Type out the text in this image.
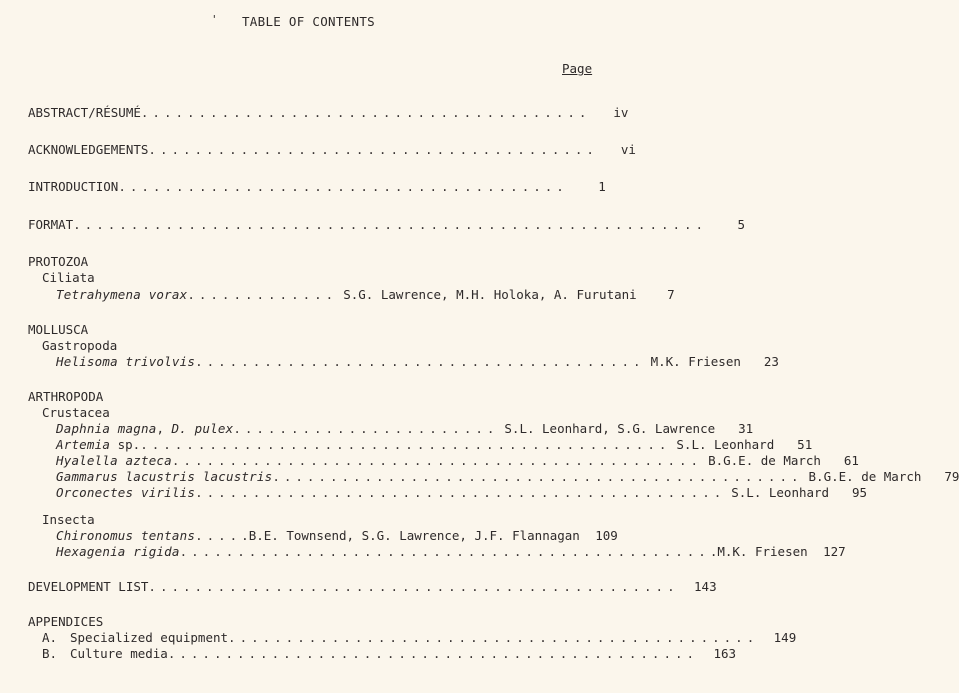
'	TABLE OF CONTENTS
Page
ABSTRACT/RÉSUMÉ .......................................	iv
ACKNOWLEDGEMENTS .......................................	vi
INTRODUCTION .......................................	1
FORMAT .......................................................	5
PROTOZOA
Ciliata
Tetrahymena vorax ............. S.G. Lawrence, M.H. Holoka, A. Furutani	7
MOLLUSCA
Gastropoda
Helisoma trivolvis ....................................... M.K. Friesen	23
ARTHROPODA
Crustacea
Daphnia magna, D. pulex ....................... S.L. Leonhard, S.G. Lawrence	31
Artemia sp. .............................................. S.L. Leonhard	51
Hyalella azteca .............................................. B.G.E. de March	61
Gammarus lacustris lacustris .............................................. B.G.E. de March	79
Orconectes virilis .............................................. S.L. Leonhard	95
Insecta
Chironomus tentans .... .B.E. Townsend, S.G. Lawrence, J.F. Flannagan	109
Hexagenia rigida .............................................. .M.K. Friesen	127
DEVELOPMENT LIST ..............................................	143
APPENDICES
A. Specialized equipment ..............................................	149
B. Culture media ..............................................	163
